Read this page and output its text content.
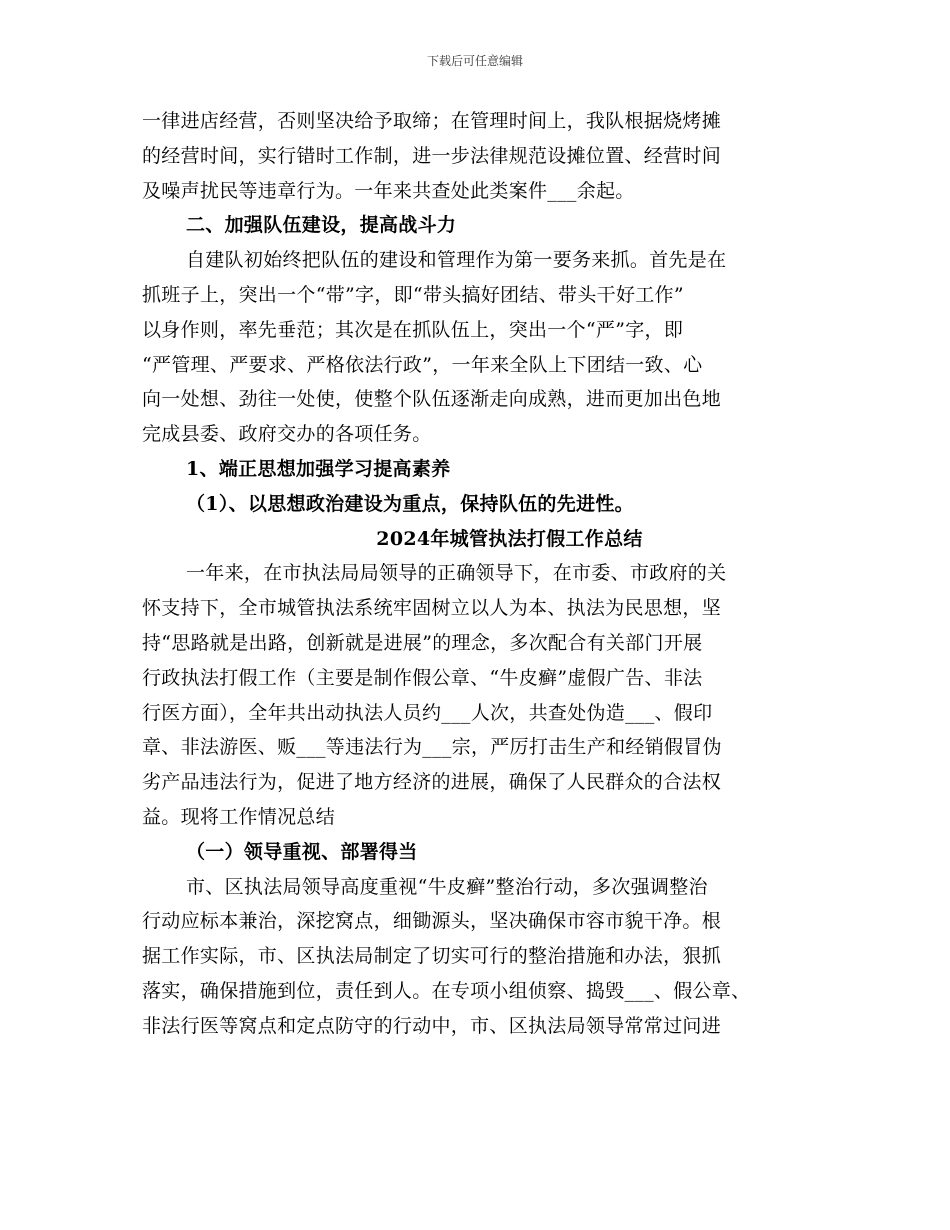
下载后可任意编辑
一律进店经营，否则坚决给予取缔；在管理时间上，我队根据烧烤摊
的经营时间，实行错时工作制，进一步法律规范设摊位置、经营时间
及噪声扰民等违章行为。一年来共查处此类案件___余起。
二、加强队伍建设，提高战斗力
自建队初始终把队伍的建设和管理作为第一要务来抓。首先是在
抓班子上，突出一个“带”字，即“带头搞好团结、带头干好工作”
以身作则，率先垂范；其次是在抓队伍上，突出一个“严”字，即
“严管理、严要求、严格依法行政”，一年来全队上下团结一致、心
向一处想、劲往一处使，使整个队伍逐渐走向成熟，进而更加出色地
完成县委、政府交办的各项任务。
1、端正思想加强学习提高素养
（1）、以思想政治建设为重点，保持队伍的先进性。
2024年城管执法打假工作总结
一年来，在市执法局局领导的正确领导下，在市委、市政府的关
怀支持下，全市城管执法系统牢固树立以人为本、执法为民思想，坚
持“思路就是出路，创新就是进展”的理念，多次配合有关部门开展
行政执法打假工作（主要是制作假公章、“牛皮癣”虚假广告、非法
行医方面），全年共出动执法人员约___人次，共查处伪造___、假印
章、非法游医、贩___等违法行为___宗，严厉打击生产和经销假冒伪
劣产品违法行为，促进了地方经济的进展，确保了人民群众的合法权
益。现将工作情况总结
（一）领导重视、部署得当
市、区执法局领导高度重视“牛皮癣”整治行动，多次强调整治
行动应标本兼治，深挖窝点，细锄源头，坚决确保市容市貌干净。根
据工作实际，市、区执法局制定了切实可行的整治措施和办法，狠抓
落实，确保措施到位，责任到人。在专项小组侦察、捣毁___、假公章、
非法行医等窝点和定点防守的行动中，市、区执法局领导常常过问进
